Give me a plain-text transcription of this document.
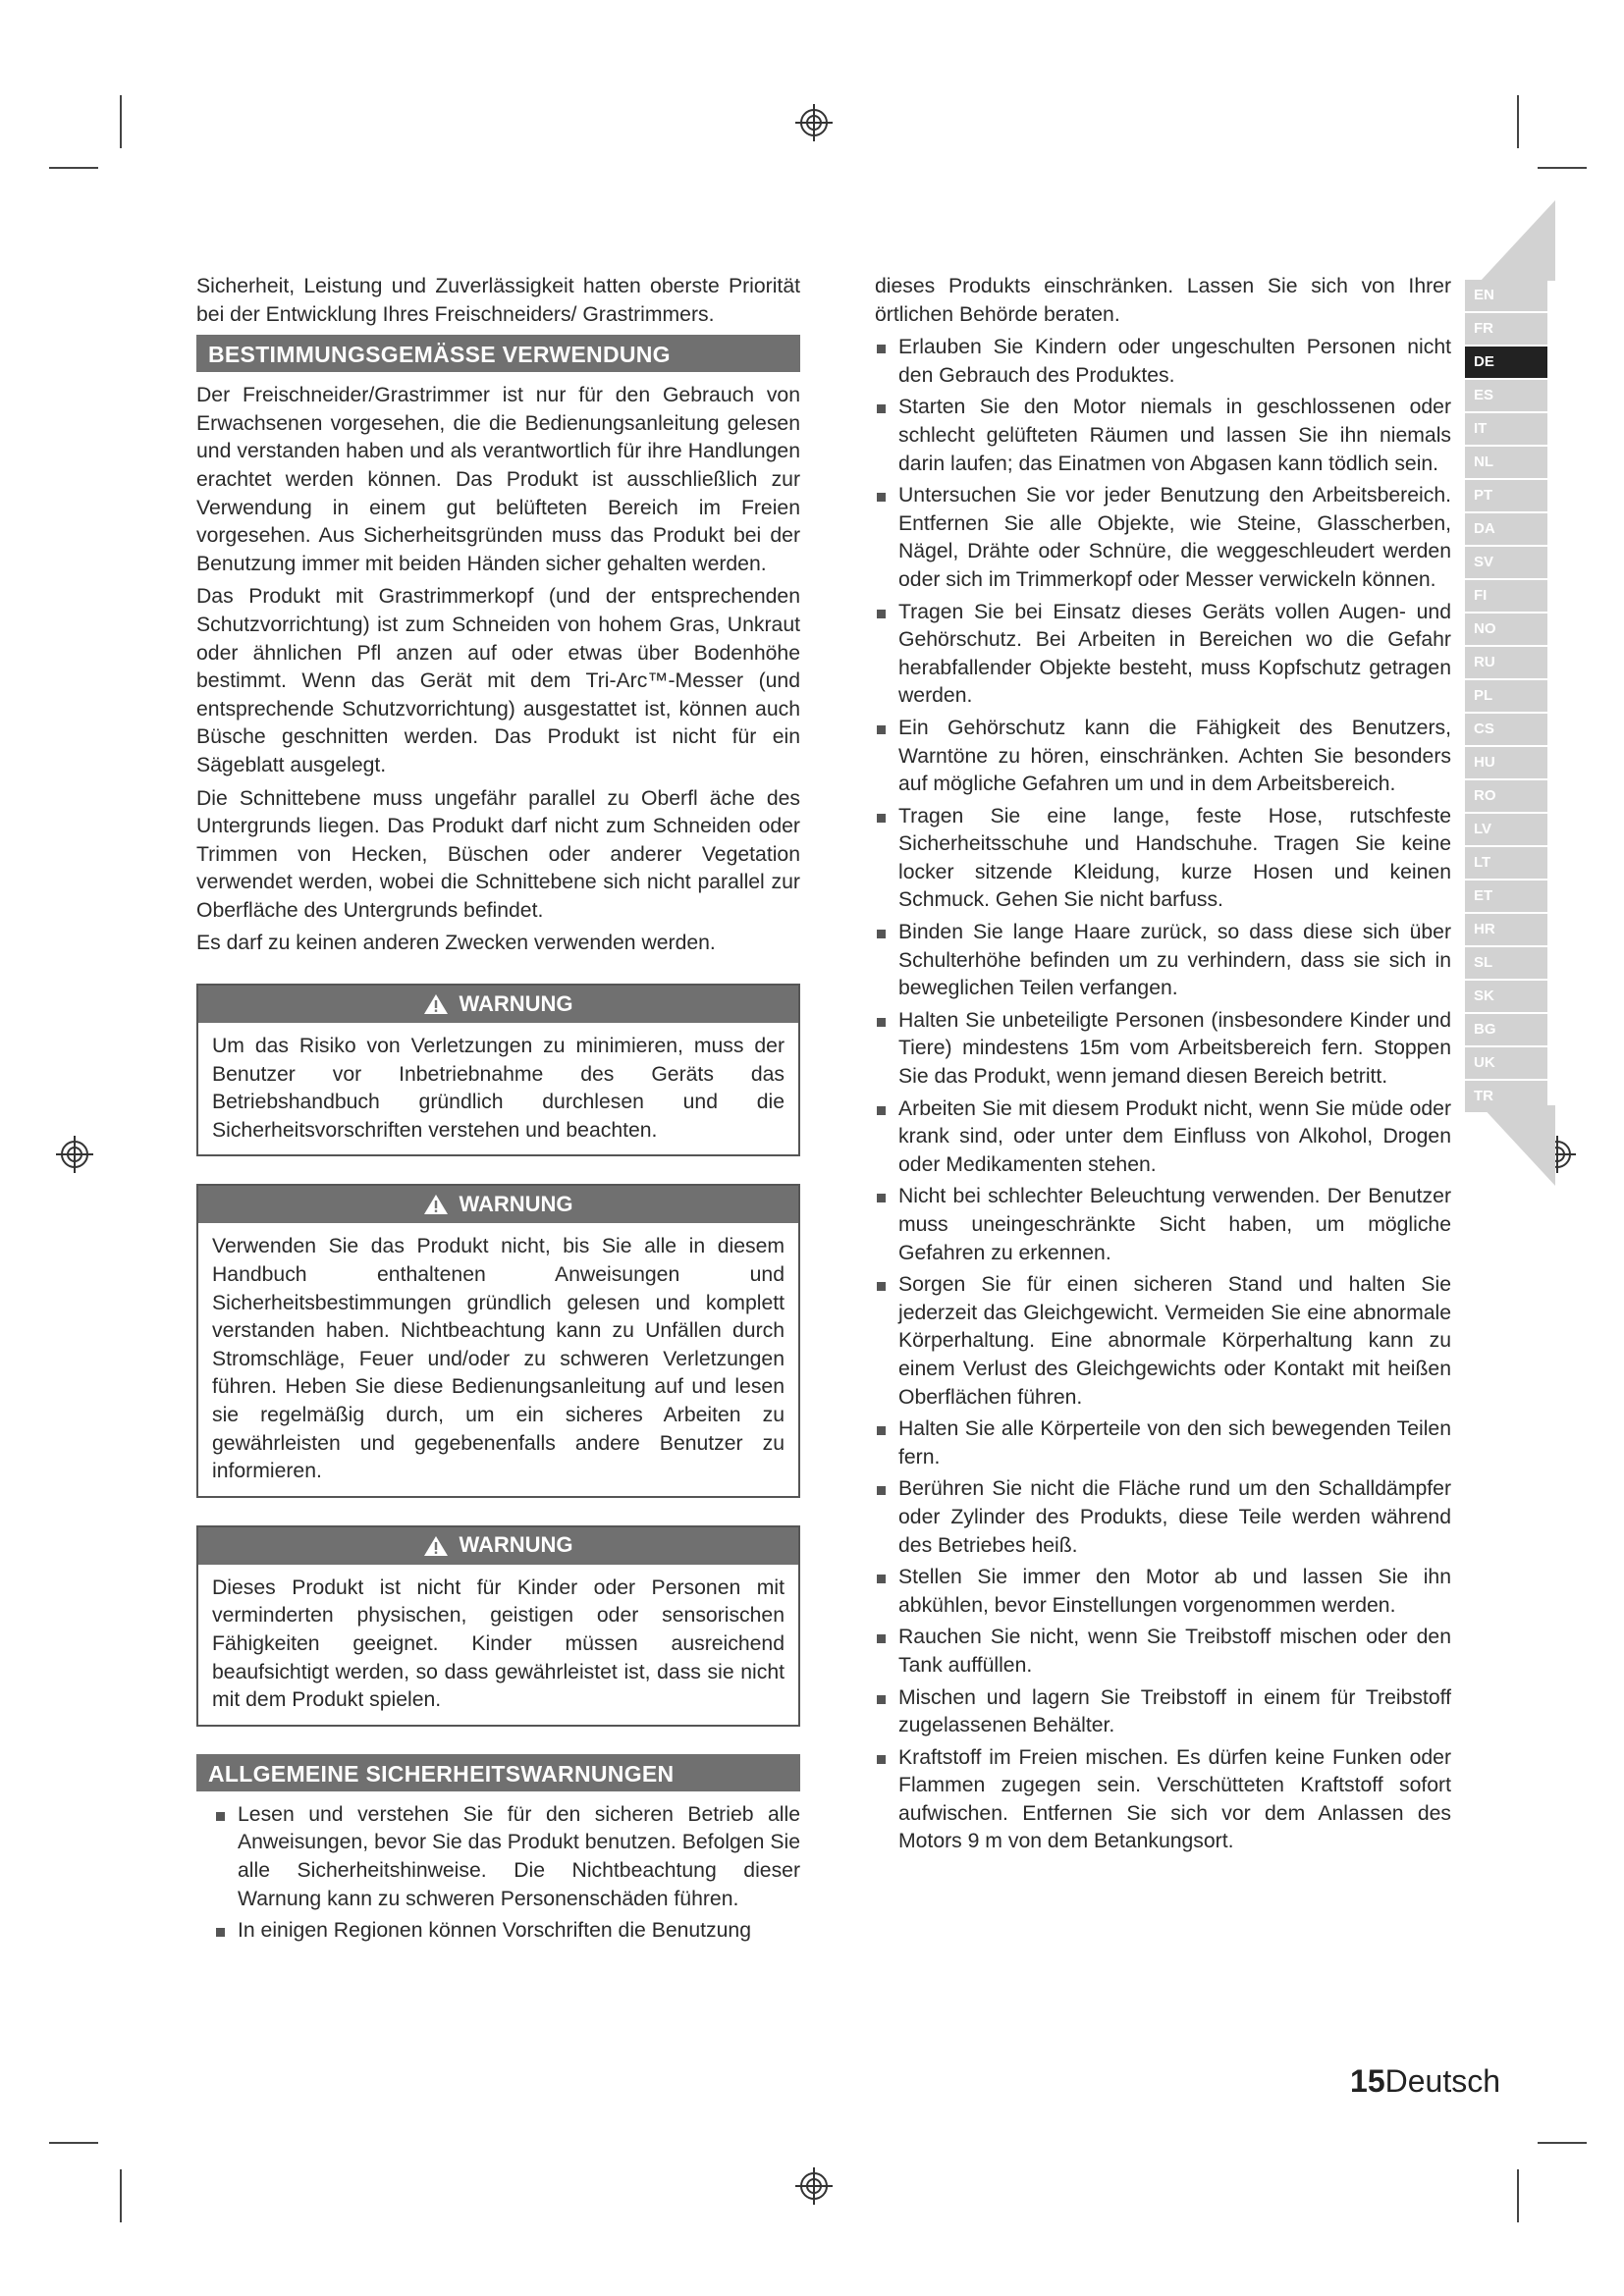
EN
FR
DE
ES
IT
NL
PT
DA
SV
FI
NO
RU
PL
CS
HU
RO
LV
LT
ET
HR
SL
SK
BG
UK
TR

Sicherheit, Leistung und Zuverlässigkeit hatten oberste Priorität bei der Entwicklung Ihres Freischneiders/ Grastrimmers.

BESTIMMUNGSGEMÄSSE VERWENDUNG

Der Freischneider/Grastrimmer ist nur für den Gebrauch von Erwachsenen vorgesehen, die die Bedienungsanleitung gelesen und verstanden haben und als verantwortlich für ihre Handlungen erachtet werden können. Das Produkt ist ausschließlich zur Verwendung in einem gut belüfteten Bereich im Freien vorgesehen. Aus Sicherheitsgründen muss das Produkt bei der Benutzung immer mit beiden Händen sicher gehalten werden.

Das Produkt mit Grastrimmerkopf (und der entsprechenden Schutzvorrichtung) ist zum Schneiden von hohem Gras, Unkraut oder ähnlichen Pfl anzen auf oder etwas über Bodenhöhe bestimmt. Wenn das Gerät mit dem Tri-Arc™-Messer (und entsprechende Schutzvorrichtung) ausgestattet ist, können auch Büsche geschnitten werden. Das Produkt ist nicht für ein Sägeblatt ausgelegt.

Die Schnittebene muss ungefähr parallel zu Oberfl äche des Untergrunds liegen. Das Produkt darf nicht zum Schneiden oder Trimmen von Hecken, Büschen oder anderer Vegetation verwendet werden, wobei die Schnittebene sich nicht parallel zur Oberfläche des Untergrunds befindet.

Es darf zu keinen anderen Zwecken verwenden werden.

WARNUNG

Um das Risiko von Verletzungen zu minimieren, muss der Benutzer vor Inbetriebnahme des Geräts das Betriebshandbuch gründlich durchlesen und die Sicherheitsvorschriften verstehen und beachten.

WARNUNG

Verwenden Sie das Produkt nicht, bis Sie alle in diesem Handbuch enthaltenen Anweisungen und Sicherheitsbestimmungen gründlich gelesen und komplett verstanden haben. Nichtbeachtung kann zu Unfällen durch Stromschläge, Feuer und/oder zu schweren Verletzungen führen. Heben Sie diese Bedienungsanleitung auf und lesen sie regelmäßig durch, um ein sicheres Arbeiten zu gewährleisten und gegebenenfalls andere Benutzer zu informieren.

WARNUNG

Dieses Produkt ist nicht für Kinder oder Personen mit verminderten physischen, geistigen oder sensorischen Fähigkeiten geeignet. Kinder müssen ausreichend beaufsichtigt werden, so dass gewährleistet ist, dass sie nicht mit dem Produkt spielen.

ALLGEMEINE SICHERHEITSWARNUNGEN
Lesen und verstehen Sie für den sicheren Betrieb alle Anweisungen, bevor Sie das Produkt benutzen. Befolgen Sie alle Sicherheitshinweise. Die Nichtbeachtung dieser Warnung kann zu schweren Personenschäden führen.
In einigen Regionen können Vorschriften die Benutzung

dieses Produkts einschränken. Lassen Sie sich von Ihrer örtlichen Behörde beraten.

Erlauben Sie Kindern oder ungeschulten Personen nicht den Gebrauch des Produktes.
Starten Sie den Motor niemals in geschlossenen oder schlecht gelüfteten Räumen und lassen Sie ihn niemals darin laufen; das Einatmen von Abgasen kann tödlich sein.
Untersuchen Sie vor jeder Benutzung den Arbeitsbereich. Entfernen Sie alle Objekte, wie Steine, Glasscherben, Nägel, Drähte oder Schnüre, die weggeschleudert werden oder sich im Trimmerkopf oder Messer verwickeln können.
Tragen Sie bei Einsatz dieses Geräts vollen Augen- und Gehörschutz. Bei Arbeiten in Bereichen wo die Gefahr herabfallender Objekte besteht, muss Kopfschutz getragen werden.
Ein Gehörschutz kann die Fähigkeit des Benutzers, Warntöne zu hören, einschränken. Achten Sie besonders auf mögliche Gefahren um und in dem Arbeitsbereich.
Tragen Sie eine lange, feste Hose, rutschfeste Sicherheitsschuhe und Handschuhe. Tragen Sie keine locker sitzende Kleidung, kurze Hosen und keinen Schmuck. Gehen Sie nicht barfuss.
Binden Sie lange Haare zurück, so dass diese sich über Schulterhöhe befinden um zu verhindern, dass sie sich in beweglichen Teilen verfangen.
Halten Sie unbeteiligte Personen (insbesondere Kinder und Tiere) mindestens 15m vom Arbeitsbereich fern. Stoppen Sie das Produkt, wenn jemand diesen Bereich betritt.
Arbeiten Sie mit diesem Produkt nicht, wenn Sie müde oder krank sind, oder unter dem Einfluss von Alkohol, Drogen oder Medikamenten stehen.
Nicht bei schlechter Beleuchtung verwenden. Der Benutzer muss uneingeschränkte Sicht haben, um mögliche Gefahren zu erkennen.
Sorgen Sie für einen sicheren Stand und halten Sie jederzeit das Gleichgewicht. Vermeiden Sie eine abnormale Körperhaltung. Eine abnormale Körperhaltung kann zu einem Verlust des Gleichgewichts oder Kontakt mit heißen Oberflächen führen.
Halten Sie alle Körperteile von den sich bewegenden Teilen fern.
Berühren Sie nicht die Fläche rund um den Schalldämpfer oder Zylinder des Produkts, diese Teile werden während des Betriebes heiß.
Stellen Sie immer den Motor ab und lassen Sie ihn abkühlen, bevor Einstellungen vorgenommen werden.
Rauchen Sie nicht, wenn Sie Treibstoff mischen oder den Tank auffüllen.
Mischen und lagern Sie Treibstoff in einem für Treibstoff zugelassenen Behälter.
Kraftstoff im Freien mischen. Es dürfen keine Funken oder Flammen zugegen sein. Verschütteten Kraftstoff sofort aufwischen. Entfernen Sie sich vor dem Anlassen des Motors 9 m von dem Betankungsort.
15Deutsch
